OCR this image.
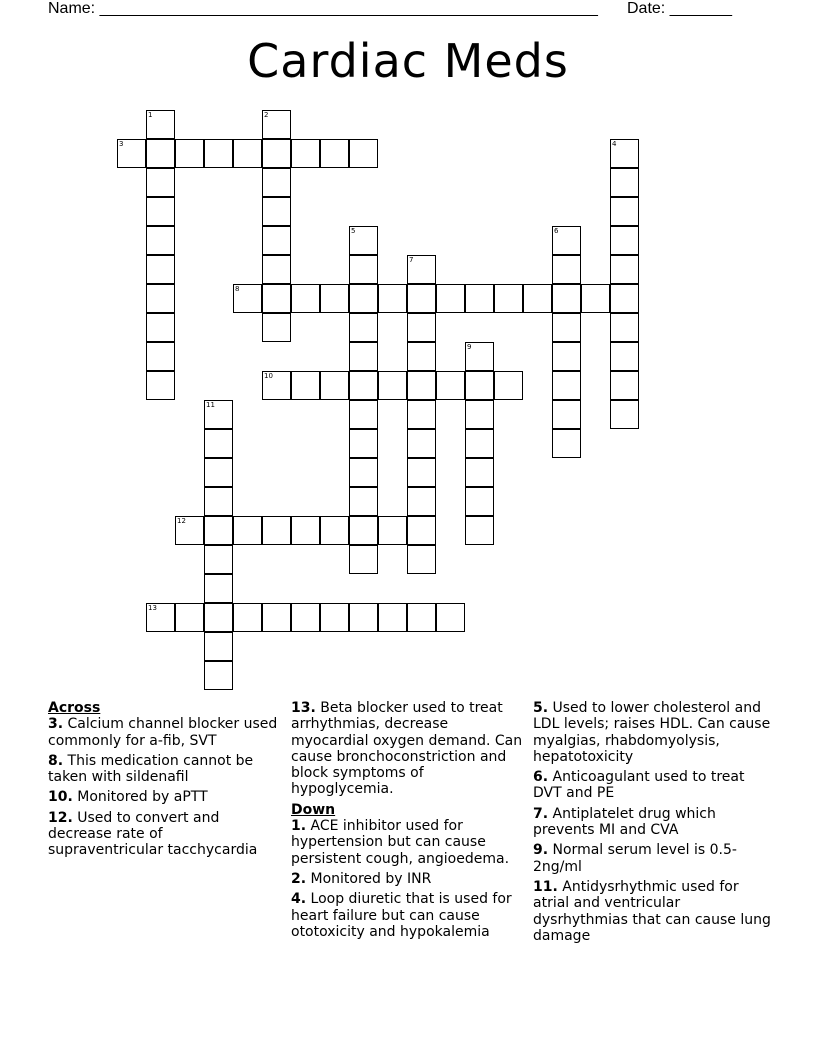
Name: ________________________________________________________ Date: _______
Cardiac Meds
1	2
3	4
5	6
7
8
9
10
11
12
13
Across
3. Calcium channel blocker used commonly for a-fib, SVT
8. This medication cannot be taken with sildenafil
10. Monitored by aPTT
12. Used to convert and decrease rate of supraventricular tacchycardia
13. Beta blocker used to treat arrhythmias, decrease myocardial oxygen demand. Can cause bronchoconstriction and block symptoms of hypoglycemia.
Down
1. ACE inhibitor used for hypertension but can cause persistent cough, angioedema.
2. Monitored by INR
4. Loop diuretic that is used for heart failure but can cause ototoxicity and hypokalemia
5. Used to lower cholesterol and LDL levels; raises HDL. Can cause myalgias, rhabdomyolysis, hepatotoxicity
6. Anticoagulant used to treat DVT and PE
7. Antiplatelet drug which prevents MI and CVA
9. Normal serum level is 0.5-2ng/ml
11. Antidysrhythmic used for atrial and ventricular dysrhythmias that can cause lung damage
